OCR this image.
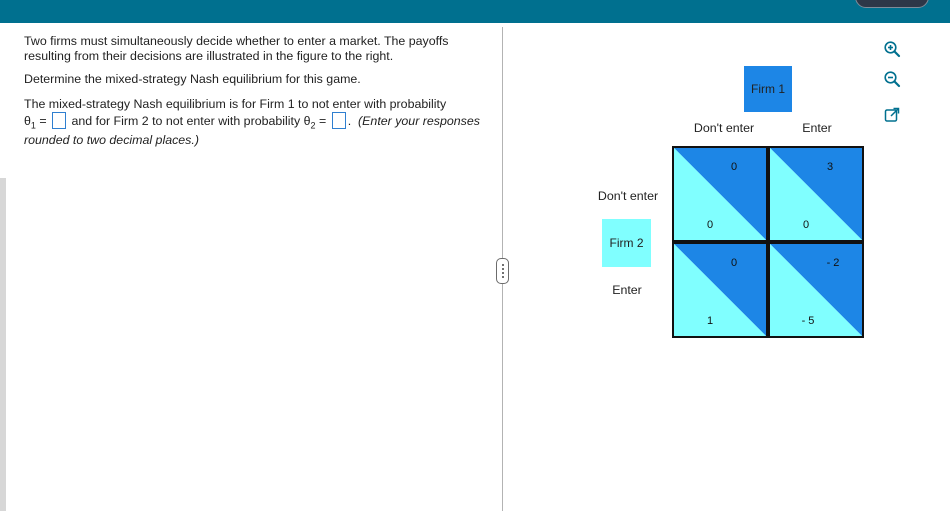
Two firms must simultaneously decide whether to enter a market. The payoffs resulting from their decisions are illustrated in the figure to the right.

Determine the mixed-strategy Nash equilibrium for this game.

The mixed-strategy Nash equilibrium is for Firm 1 to not enter with probability
$\theta_1$ = and for Firm 2 to not enter with probability $\theta_2$ = . (Enter your responses rounded to two decimal places.)

Firm 1
Don't enter	Enter
Don't enter
Firm 2
Enter
0
0
3
0
0
1
- 2
- 5
